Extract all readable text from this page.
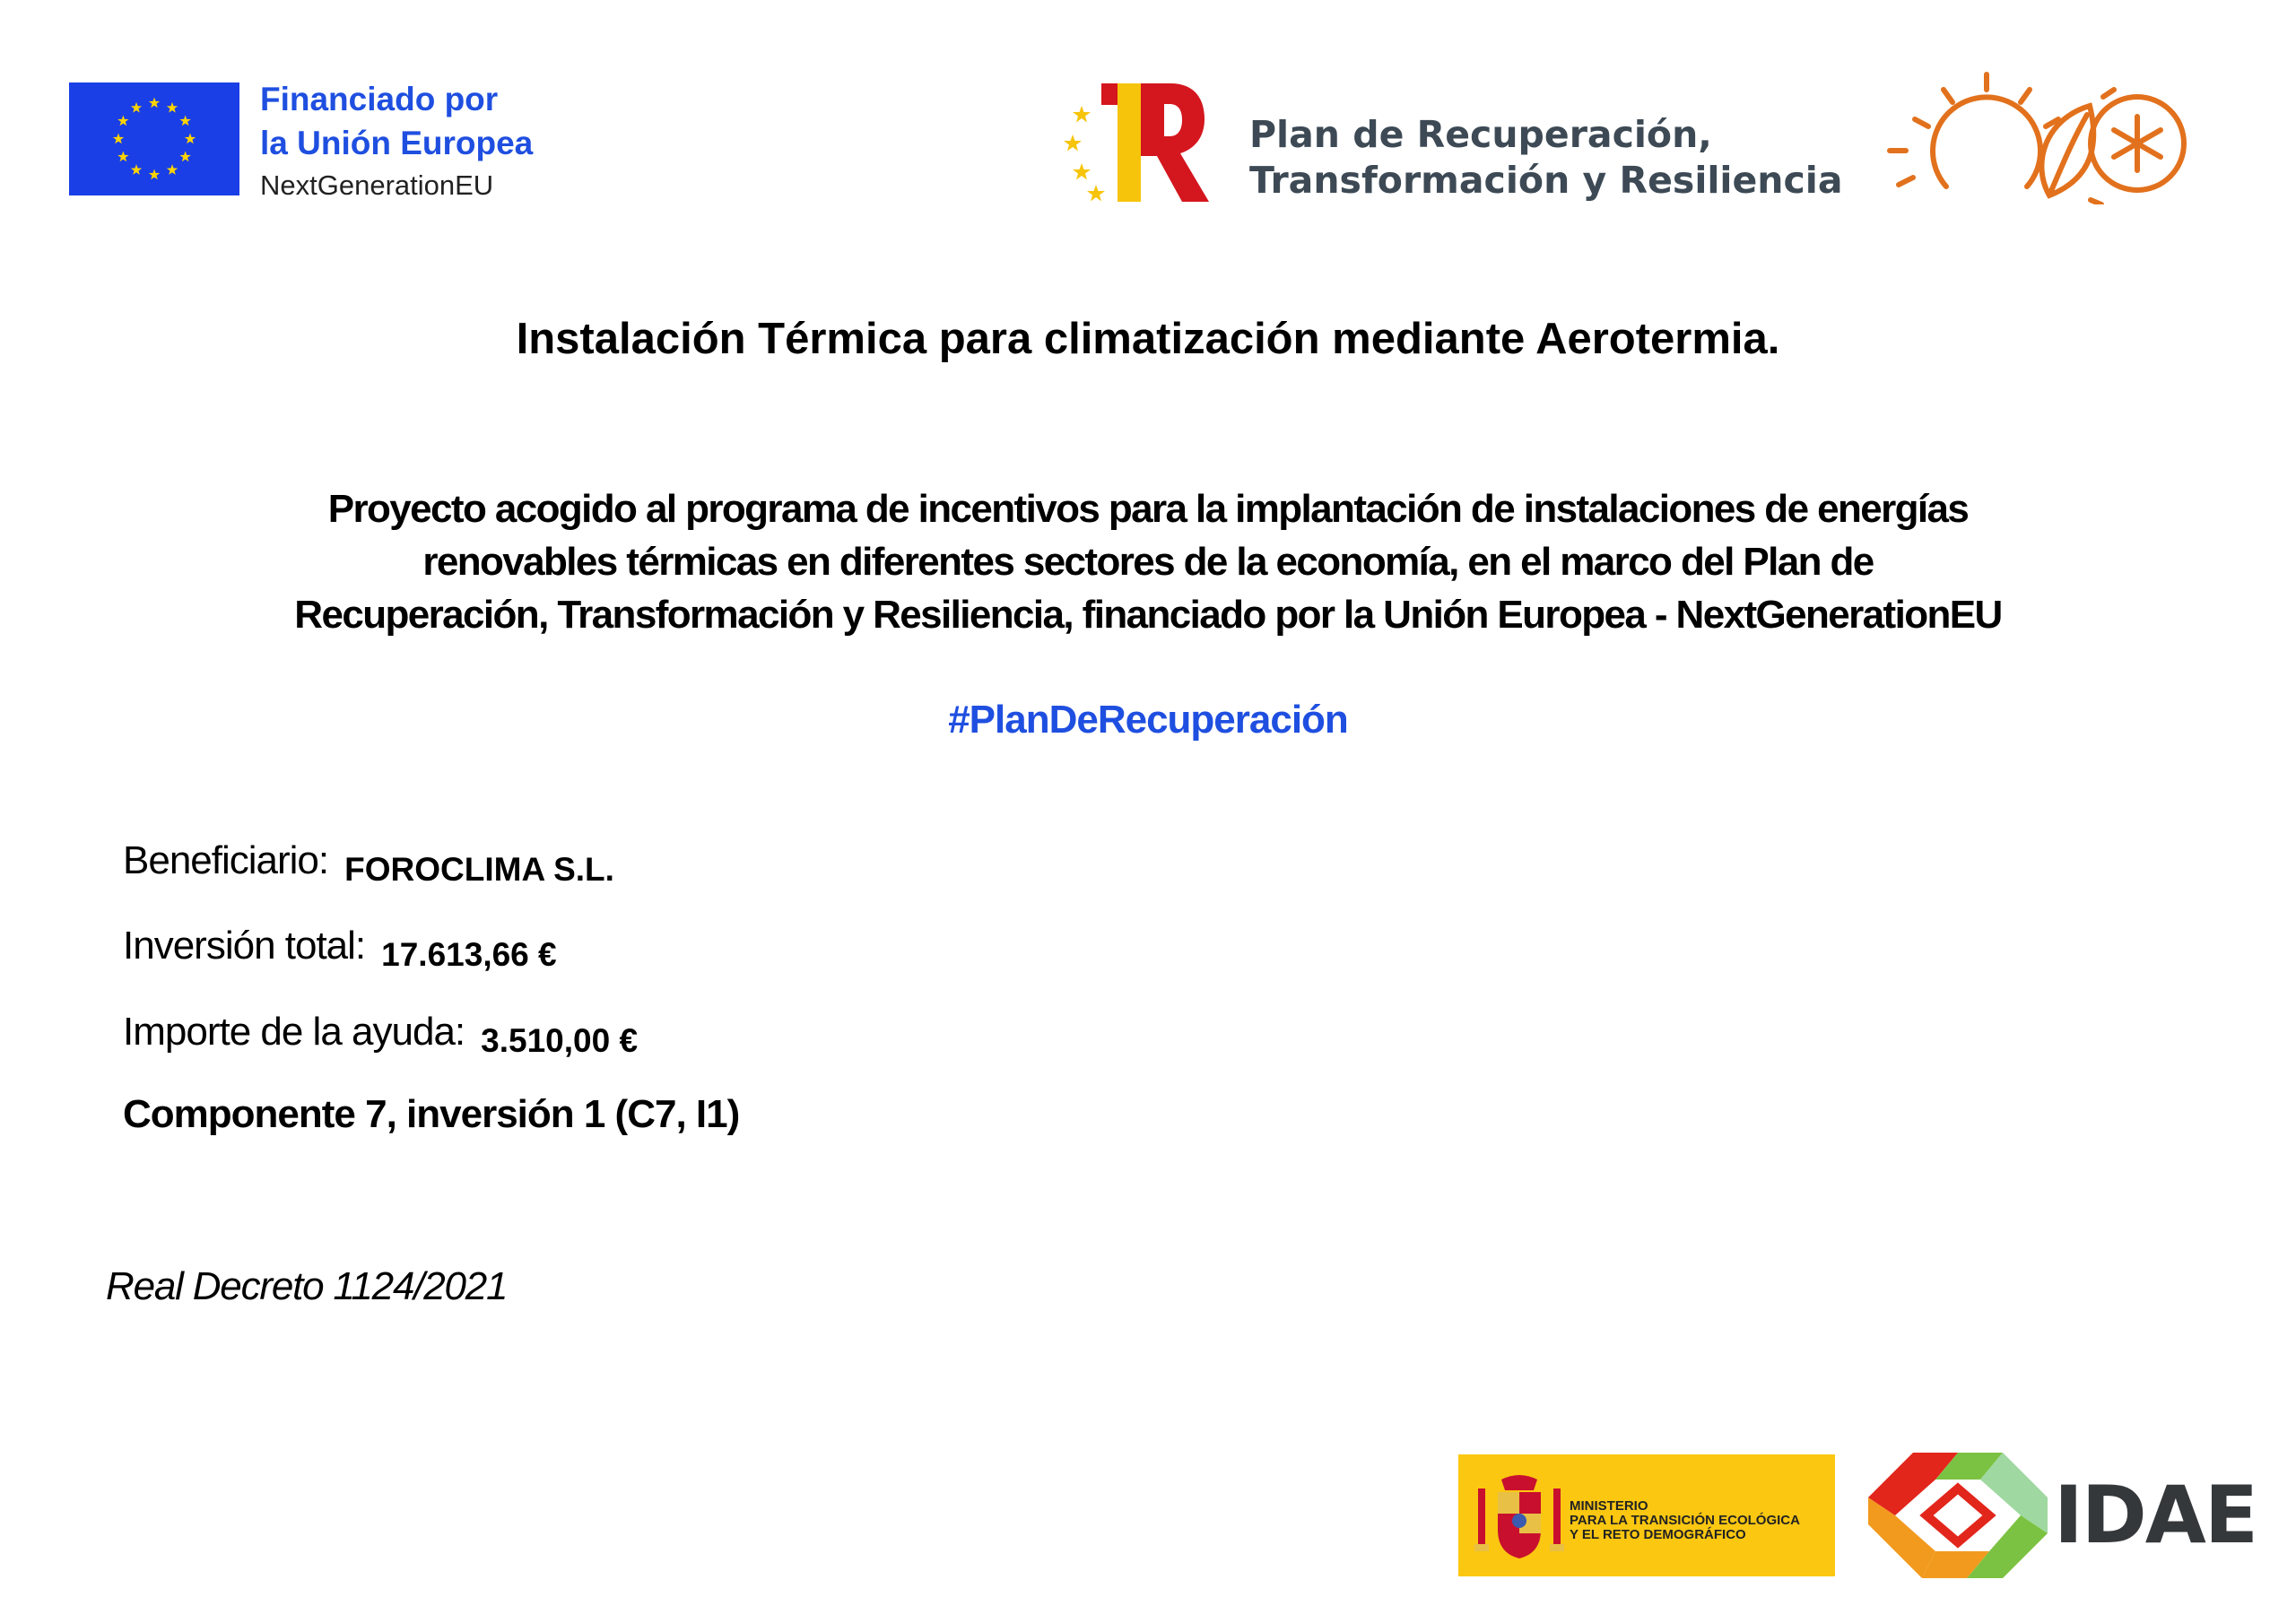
Financiado por
la Unión Europea
NextGenerationEU
Plan de Recuperación,
Transformación y Resiliencia
Instalación Térmica para climatización mediante Aerotermia.
Proyecto acogido al programa de incentivos para la implantación de instalaciones de energías
renovables térmicas en diferentes sectores de la economía, en el marco del Plan de
Recuperación, Transformación y Resiliencia, financiado por la Unión Europea - NextGenerationEU
#PlanDeRecuperación
Beneficiario: FOROCLIMA S.L.
Inversión total: 17.613,66 €
Importe de la ayuda: 3.510,00 €
Componente 7, inversión 1 (C7, I1)
Real Decreto 1124/2021
MINISTERIO
PARA LA TRANSICIÓN ECOLÓGICA
Y EL RETO DEMOGRÁFICO	IDAE
